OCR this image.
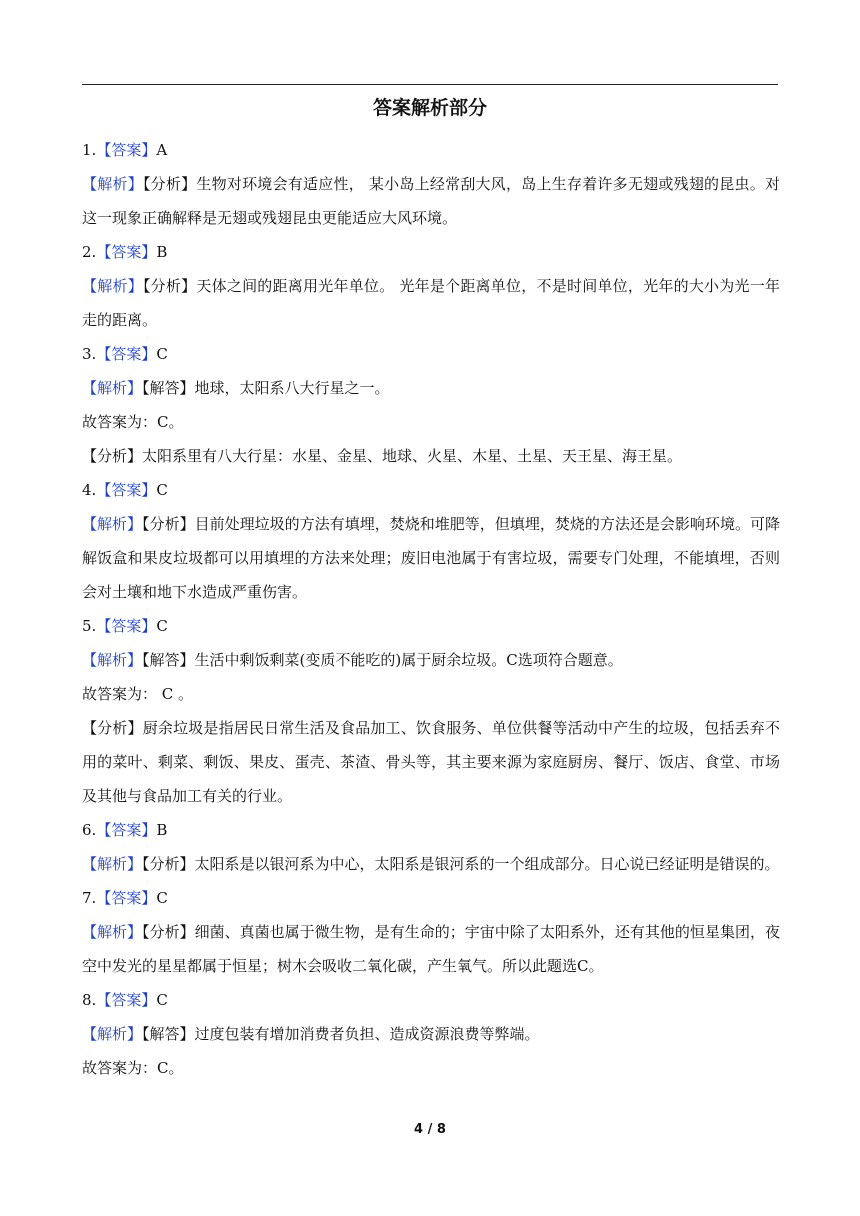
答案解析部分

1.【答案】A

【解析】【分析】生物对环境会有适应性， 某小岛上经常刮大风，岛上生存着许多无翅或残翅的昆虫。对这一现象正确解释是无翅或残翅昆虫更能适应大风环境。

2.【答案】B

【解析】【分析】天体之间的距离用光年单位。 光年是个距离单位，不是时间单位，光年的大小为光一年走的距离。

3.【答案】C

【解析】【解答】地球，太阳系八大行星之一。

故答案为：C。

【分析】太阳系里有八大行星：水星、金星、地球、火星、木星、土星、天王星、海王星。

4.【答案】C

【解析】【分析】目前处理垃圾的方法有填埋，焚烧和堆肥等，但填埋，焚烧的方法还是会影响环境。可降解饭盒和果皮垃圾都可以用填埋的方法来处理；废旧电池属于有害垃圾，需要专门处理，不能填埋，否则会对土壤和地下水造成严重伤害。

5.【答案】C

【解析】【解答】生活中剩饭剩菜(变质不能吃的)属于厨余垃圾。C选项符合题意。

故答案为： C 。

【分析】厨余垃圾是指居民日常生活及食品加工、饮食服务、单位供餐等活动中产生的垃圾，包括丢弃不用的菜叶、剩菜、剩饭、果皮、蛋壳、茶渣、骨头等，其主要来源为家庭厨房、餐厅、饭店、食堂、市场及其他与食品加工有关的行业。

6.【答案】B

【解析】【分析】太阳系是以银河系为中心，太阳系是银河系的一个组成部分。日心说已经证明是错误的。

7.【答案】C

【解析】【分析】细菌、真菌也属于微生物，是有生命的；宇宙中除了太阳系外，还有其他的恒星集团，夜空中发光的星星都属于恒星；树木会吸收二氧化碳，产生氧气。所以此题选C。

8.【答案】C

【解析】【解答】过度包装有增加消费者负担、造成资源浪费等弊端。

故答案为：C。

4 / 8
